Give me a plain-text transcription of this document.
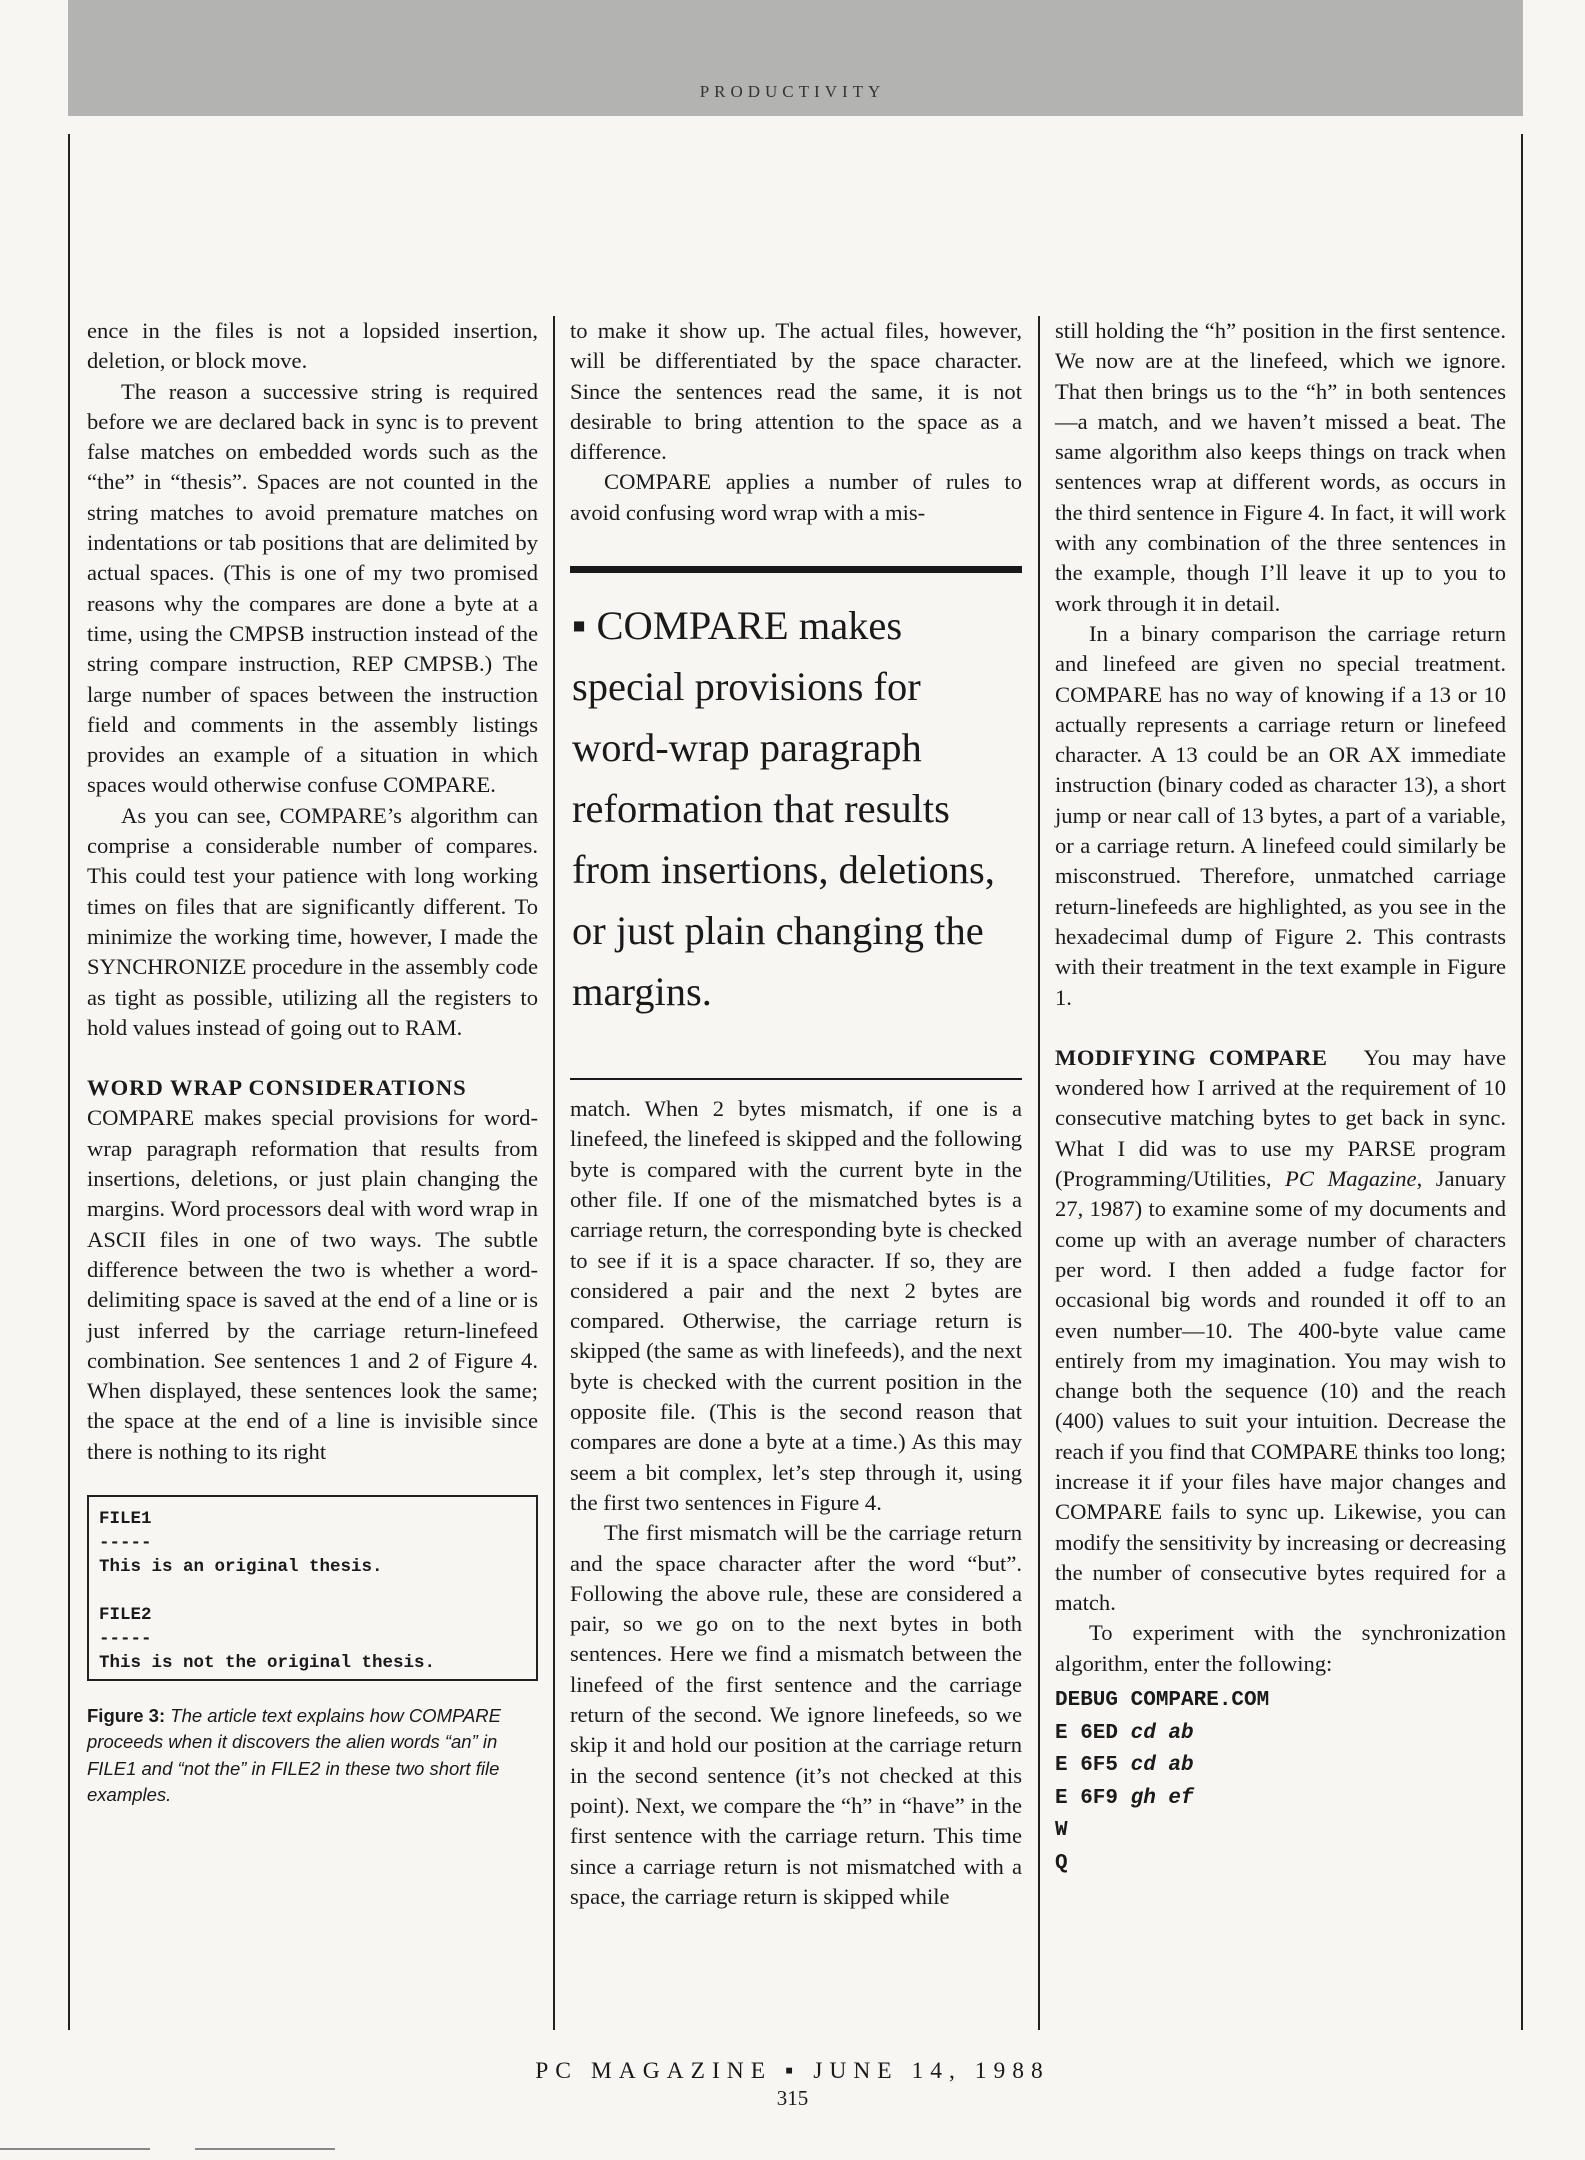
PRODUCTIVITY

ence in the files is not a lopsided insertion, deletion, or block move.

The reason a successive string is required before we are declared back in sync is to prevent false matches on embedded words such as the “the” in “thesis”. Spaces are not counted in the string matches to avoid premature matches on indentations or tab positions that are delimited by actual spaces. (This is one of my two promised reasons why the compares are done a byte at a time, using the CMPSB instruction instead of the string compare instruction, REP CMPSB.) The large number of spaces between the instruction field and comments in the assembly listings provides an example of a situation in which spaces would otherwise confuse COMPARE.

As you can see, COMPARE’s algorithm can comprise a considerable number of compares. This could test your patience with long working times on files that are significantly different. To minimize the working time, however, I made the SYNCHRONIZE procedure in the assembly code as tight as possible, utilizing all the registers to hold values instead of going out to RAM.

WORD WRAP CONSIDERATIONS

COMPARE makes special provisions for word-wrap paragraph reformation that results from insertions, deletions, or just plain changing the margins. Word processors deal with word wrap in ASCII files in one of two ways. The subtle difference between the two is whether a word-delimiting space is saved at the end of a line or is just inferred by the carriage return-linefeed combination. See sentences 1 and 2 of Figure 4. When displayed, these sentences look the same; the space at the end of a line is invisible since there is nothing to its right

FILE1
-----
This is an original thesis.
FILE2
-----
This is not the original thesis.
Figure 3: The article text explains how COMPARE proceeds when it discovers the alien words “an” in FILE1 and “not the” in FILE2 in these two short file examples.

to make it show up. The actual files, however, will be differentiated by the space character. Since the sentences read the same, it is not desirable to bring attention to the space as a difference.

COMPARE applies a number of rules to avoid confusing word wrap with a mis-

▪ COMPARE makes special provisions for word-wrap paragraph reformation that results from insertions, deletions, or just plain changing the margins.

match. When 2 bytes mismatch, if one is a linefeed, the linefeed is skipped and the following byte is compared with the current byte in the other file. If one of the mismatched bytes is a carriage return, the corresponding byte is checked to see if it is a space character. If so, they are considered a pair and the next 2 bytes are compared. Otherwise, the carriage return is skipped (the same as with linefeeds), and the next byte is checked with the current position in the opposite file. (This is the second reason that compares are done a byte at a time.) As this may seem a bit complex, let’s step through it, using the first two sentences in Figure 4.

The first mismatch will be the carriage return and the space character after the word “but”. Following the above rule, these are considered a pair, so we go on to the next bytes in both sentences. Here we find a mismatch between the linefeed of the first sentence and the carriage return of the second. We ignore linefeeds, so we skip it and hold our position at the carriage return in the second sentence (it’s not checked at this point). Next, we compare the “h” in “have” in the first sentence with the carriage return. This time since a carriage return is not mismatched with a space, the carriage return is skipped while

still holding the “h” position in the first sentence. We now are at the linefeed, which we ignore. That then brings us to the “h” in both sentences—a match, and we haven’t missed a beat. The same algorithm also keeps things on track when sentences wrap at different words, as occurs in the third sentence in Figure 4. In fact, it will work with any combination of the three sentences in the example, though I’ll leave it up to you to work through it in detail.

In a binary comparison the carriage return and linefeed are given no special treatment. COMPARE has no way of knowing if a 13 or 10 actually represents a carriage return or linefeed character. A 13 could be an OR AX immediate instruction (binary coded as character 13), a short jump or near call of 13 bytes, a part of a variable, or a carriage return. A linefeed could similarly be misconstrued. Therefore, unmatched carriage return-linefeeds are highlighted, as you see in the hexadecimal dump of Figure 2. This contrasts with their treatment in the text example in Figure 1.

MODIFYING COMPARE You may have wondered how I arrived at the requirement of 10 consecutive matching bytes to get back in sync. What I did was to use my PARSE program (Programming/Utilities, PC Magazine, January 27, 1987) to examine some of my documents and come up with an average number of characters per word. I then added a fudge factor for occasional big words and rounded it off to an even number—10. The 400-byte value came entirely from my imagination. You may wish to change both the sequence (10) and the reach (400) values to suit your intuition. Decrease the reach if you find that COMPARE thinks too long; increase it if your files have major changes and COMPARE fails to sync up. Likewise, you can modify the sensitivity by increasing or decreasing the number of consecutive bytes required for a match.

To experiment with the synchronization algorithm, enter the following:

DEBUG COMPARE.COM
E 6ED cd ab
E 6F5 cd ab
E 6F9 gh ef
W
Q
PC MAGAZINE ▪ JUNE 14, 1988
315
